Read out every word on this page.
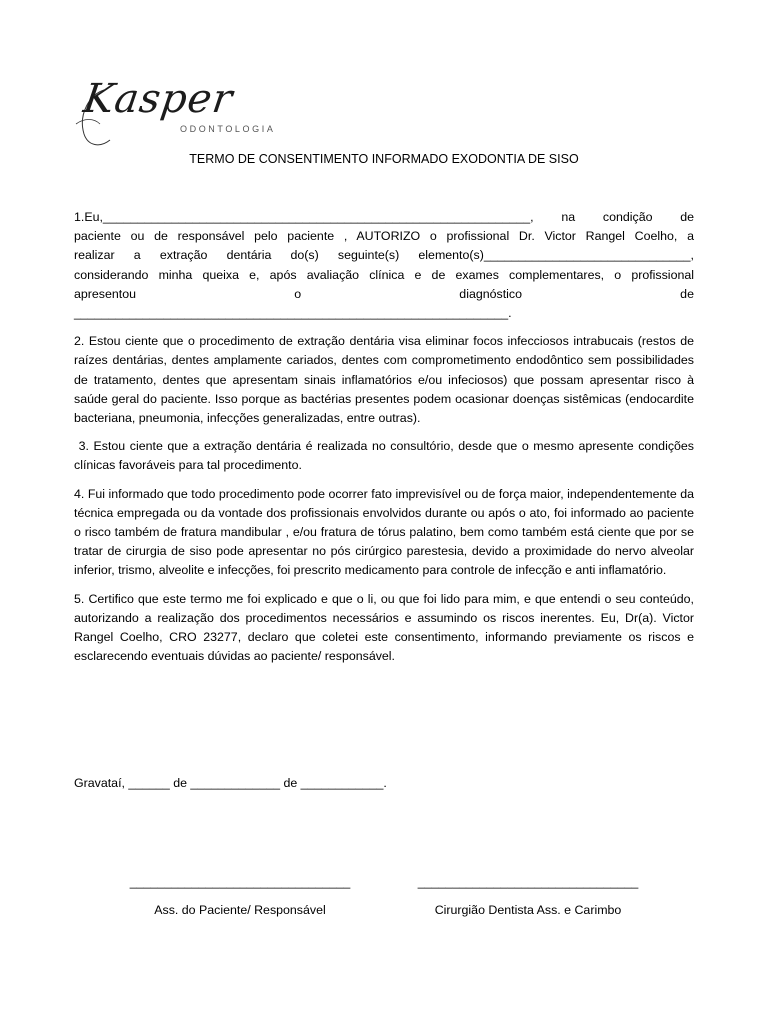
Kasper
ODONTOLOGIA
TERMO DE CONSENTIMENTO INFORMADO EXODONTIA DE SISO
1.Eu,______________________________________________________________, na condição de
paciente ou de responsável pelo paciente , AUTORIZO o profissional Dr. Victor Rangel Coelho, a
realizar a extração dentária do(s) seguinte(s) elemento(s)______________________________,
considerando minha queixa e, após avaliação clínica e de exames complementares, o profissional
apresentou	o	diagnóstico	de
_______________________________________________________________.

2. Estou ciente que o procedimento de extração dentária visa eliminar focos infecciosos intrabucais (restos de raízes dentárias, dentes amplamente cariados, dentes com comprometimento endodôntico sem possibilidades de tratamento, dentes que apresentam sinais inflamatórios e/ou infeciosos) que possam apresentar risco à saúde geral do paciente. Isso porque as bactérias presentes podem ocasionar doenças sistêmicas (endocardite bacteriana, pneumonia, infecções generalizadas, entre outras).

3. Estou ciente que a extração dentária é realizada no consultório, desde que o mesmo apresente condições clínicas favoráveis para tal procedimento.

4. Fui informado que todo procedimento pode ocorrer fato imprevisível ou de força maior, independentemente da técnica empregada ou da vontade dos profissionais envolvidos durante ou após o ato, foi informado ao paciente o risco também de fratura mandibular , e/ou fratura de tórus palatino, bem como também está ciente que por se tratar de cirurgia de siso pode apresentar no pós cirúrgico parestesia, devido a proximidade do nervo alveolar inferior, trismo, alveolite e infecções, foi prescrito medicamento para controle de infecção e anti inflamatório.

5. Certifico que este termo me foi explicado e que o li, ou que foi lido para mim, e que entendi o seu conteúdo, autorizando a realização dos procedimentos necessários e assumindo os riscos inerentes. Eu, Dr(a). Victor Rangel Coelho, CRO 23277, declaro que coletei este consentimento, informando previamente os riscos e esclarecendo eventuais dúvidas ao paciente/ responsável.

Gravataí, ______ de _____________ de ____________.
________________________________
Ass. do Paciente/ Responsável
________________________________
Cirurgião Dentista Ass. e Carimbo
